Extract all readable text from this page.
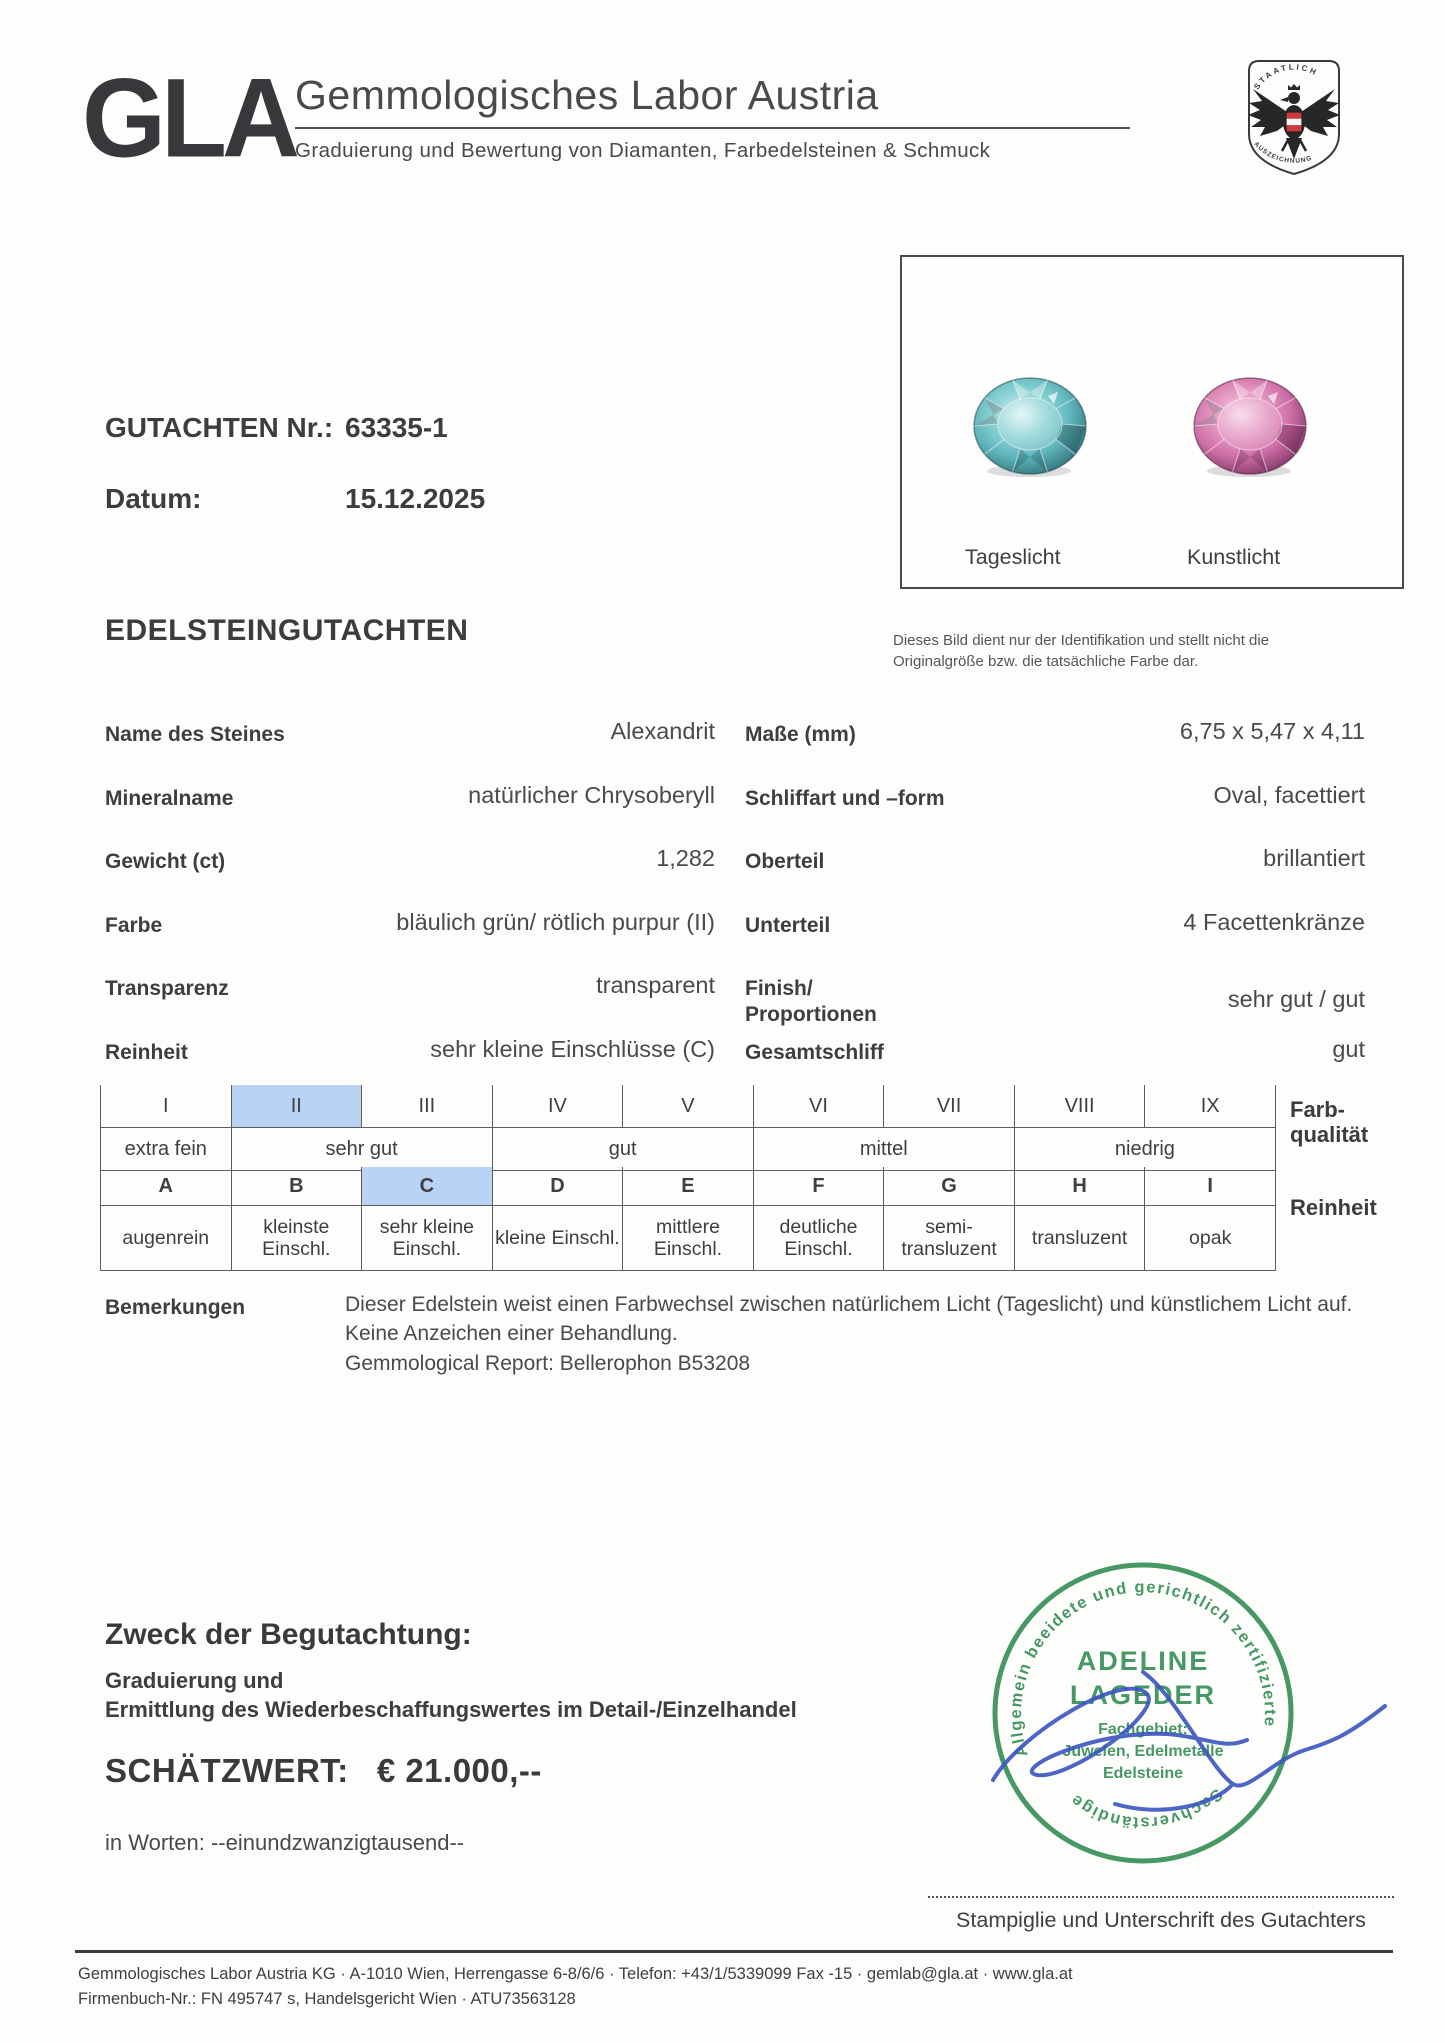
GLA Gemmologisches Labor Austria
Graduierung und Bewertung von Diamanten, Farbedelsteinen & Schmuck
STAATLICH
AUSZEICHNUNG
GUTACHTEN Nr.: 63335-1
Datum:	15.12.2025
Tageslicht	Kunstlicht
Dieses Bild dient nur der Identifikation und stellt nicht die Originalgröße bzw. die tatsächliche Farbe dar.
EDELSTEINGUTACHTEN
Name des Steines	Alexandrit
Mineralname	natürlicher Chrysoberyll
Gewicht (ct)	1,282
Farbe	bläulich grün/ rötlich purpur (II)
Transparenz	transparent
Reinheit	sehr kleine Einschlüsse (C)
Maße (mm)	6,75 x 5,47 x 4,11
Schliffart und –form	Oval, facettiert
Oberteil	brillantiert
Unterteil	4 Facettenkränze
Finish/ Proportionen
sehr gut / gut
Gesamtschliff	gut
I	II	III	IV	V	VI	VII	VIII	IX
extra fein	sehr gut		gut		mittel		niedrig	
Farb-
qualität
A	B	C	D	E	F	G	H	I
augenrein	kleinste Einschl.	sehr kleine Einschl.	kleine Einschl.	mittlere Einschl.	deutliche Einschl.	semi- transluzent	transluzent	opak
Reinheit
Bemerkungen	Dieser Edelstein weist einen Farbwechsel zwischen natürlichem Licht (Tageslicht) und künstlichem Licht auf.

Keine Anzeichen einer Behandlung.

Gemmological Report: Bellerophon B53208

Zweck der Begutachtung:
Graduierung und
Ermittlung des Wiederbeschaffungswertes im Detail-/Einzelhandel
SCHÄTZWERT: € 21.000,--
in Worten: --einundzwanzigtausend--
Allgemein beeidete und gerichtlich zertifizierte
Sachverständige
ADELINE
LAGEDER
Fachgebiet:
Juwelen, Edelmetalle
Edelsteine
Stampiglie und Unterschrift des Gutachters
Gemmologisches Labor Austria KG · A-1010 Wien, Herrengasse 6-8/6/6 · Telefon: +43/1/5339099 Fax -15 · gemlab@gla.at · www.gla.at
Firmenbuch-Nr.: FN 495747 s, Handelsgericht Wien · ATU73563128
